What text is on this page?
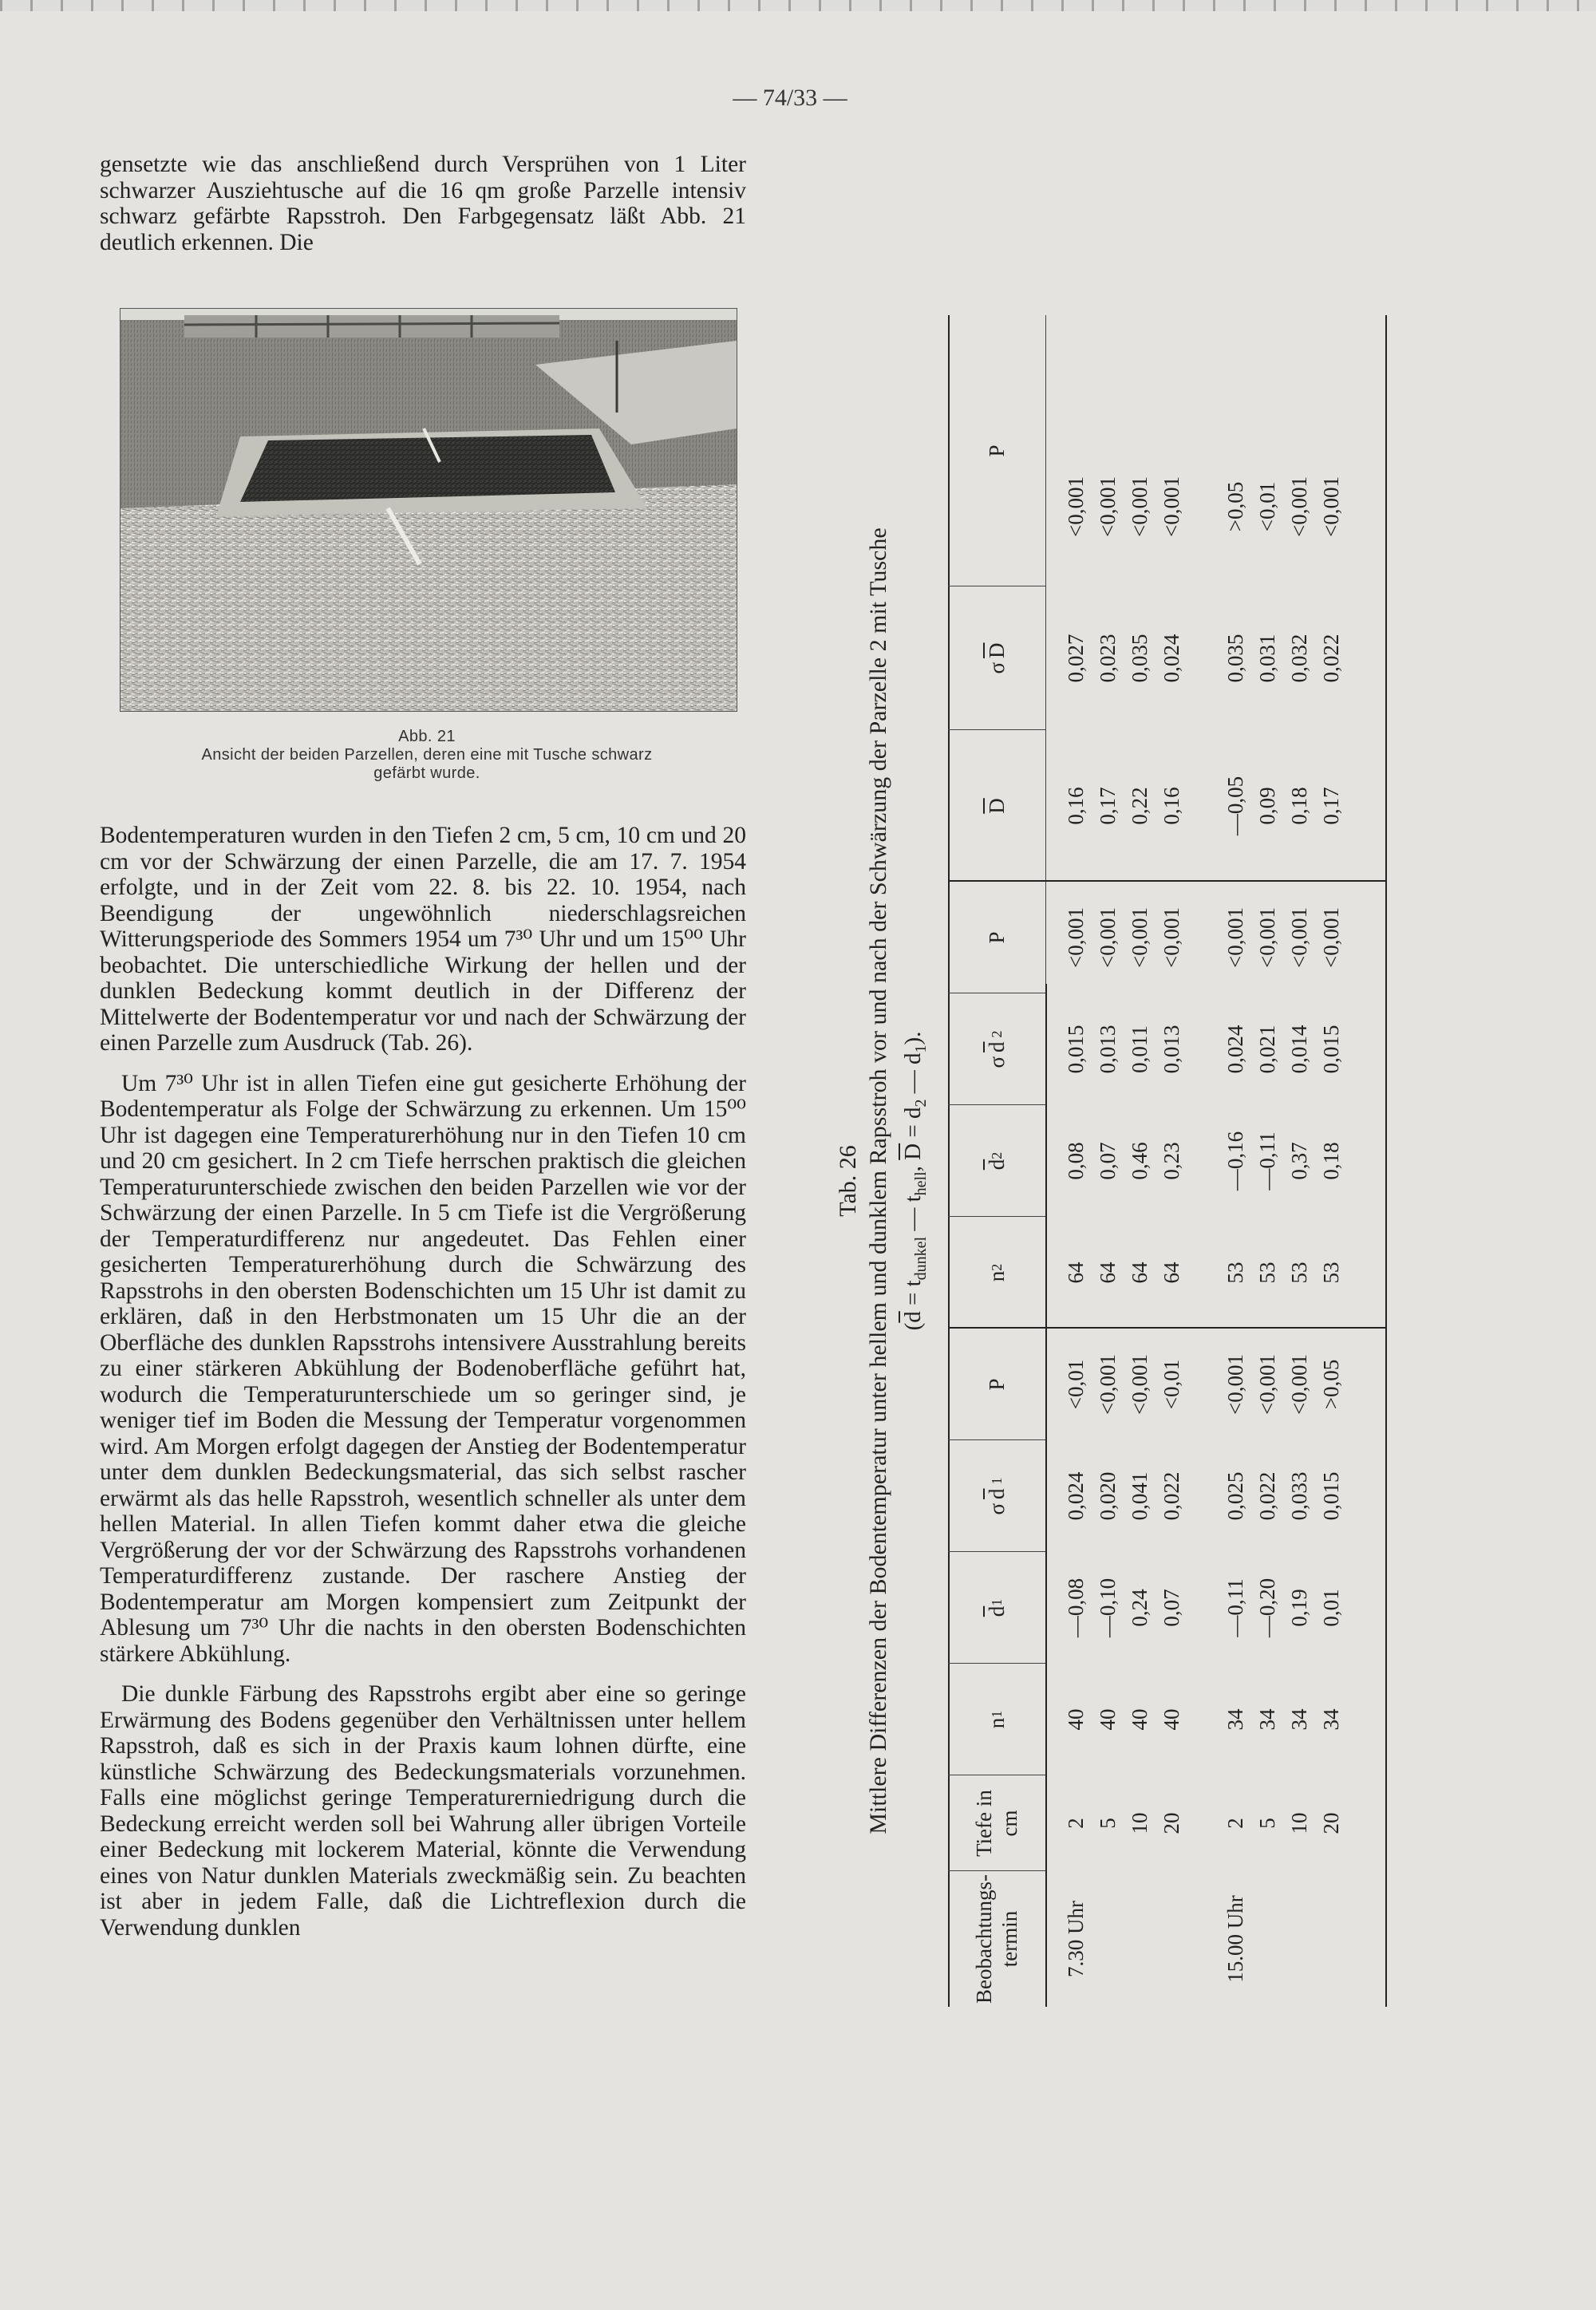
— 74/33 —

gensetzte wie das anschließend durch Versprühen von 1 Liter schwarzer Ausziehtusche auf die 16 qm große Parzelle intensiv schwarz gefärbte Rapsstroh. Den Farbgegensatz läßt Abb. 21 deutlich erkennen. Die

Abb. 21
Ansicht der beiden Parzellen, deren eine mit Tusche schwarz
gefärbt wurde.

Bodentemperaturen wurden in den Tiefen 2 cm, 5 cm, 10 cm und 20 cm vor der Schwärzung der einen Parzelle, die am 17. 7. 1954 erfolgte, und in der Zeit vom 22. 8. bis 22. 10. 1954, nach Beendigung der ungewöhnlich niederschlagsreichen Witterungsperiode des Sommers 1954 um 7³⁰ Uhr und um 15⁰⁰ Uhr beobachtet. Die unterschiedliche Wirkung der hellen und der dunklen Bedeckung kommt deutlich in der Differenz der Mittelwerte der Bodentemperatur vor und nach der Schwärzung der einen Parzelle zum Ausdruck (Tab. 26).

Um 7³⁰ Uhr ist in allen Tiefen eine gut gesicherte Erhöhung der Bodentemperatur als Folge der Schwärzung zu erkennen. Um 15⁰⁰ Uhr ist dagegen eine Temperaturerhöhung nur in den Tiefen 10 cm und 20 cm gesichert. In 2 cm Tiefe herrschen praktisch die gleichen Temperaturunterschiede zwischen den beiden Parzellen wie vor der Schwärzung der einen Parzelle. In 5 cm Tiefe ist die Vergrößerung der Temperaturdifferenz nur angedeutet. Das Fehlen einer gesicherten Temperaturerhöhung durch die Schwärzung des Rapsstrohs in den obersten Bodenschichten um 15 Uhr ist damit zu erklären, daß in den Herbstmonaten um 15 Uhr die an der Oberfläche des dunklen Rapsstrohs intensivere Ausstrahlung bereits zu einer stärkeren Abkühlung der Bodenoberfläche geführt hat, wodurch die Temperaturunterschiede um so geringer sind, je weniger tief im Boden die Messung der Temperatur vorgenommen wird. Am Morgen erfolgt dagegen der Anstieg der Bodentemperatur unter dem dunklen Bedeckungsmaterial, das sich selbst rascher erwärmt als das helle Rapsstroh, wesentlich schneller als unter dem hellen Material. In allen Tiefen kommt daher etwa die gleiche Vergrößerung der vor der Schwärzung des Rapsstrohs vorhandenen Temperaturdifferenz zustande. Der raschere Anstieg der Bodentemperatur am Morgen kompensiert zum Zeitpunkt der Ablesung um 7³⁰ Uhr die nachts in den obersten Bodenschichten stärkere Abkühlung.

Die dunkle Färbung des Rapsstrohs ergibt aber eine so geringe Erwärmung des Bodens gegenüber den Verhältnissen unter hellem Rapsstroh, daß es sich in der Praxis kaum lohnen dürfte, eine künstliche Schwärzung des Bedeckungsmaterials vorzunehmen. Falls eine möglichst geringe Temperaturerniedrigung durch die Bedeckung erreicht werden soll bei Wahrung aller übrigen Vorteile einer Bedeckung mit lockerem Material, könnte die Verwendung eines von Natur dunklen Materials zweckmäßig sein. Zu beachten ist aber in jedem Falle, daß die Lichtreflexion durch die Verwendung dunklen

Tab. 26 Mittlere Differenzen der Bodentemperatur unter hellem und dunklem Rapsstroh vor und nach der Schwärzung der Parzelle 2 mit Tusche ($\overline{d} = t_{dunkel}$ — $t_{hell}$, $\overline{D} = d_2$ — $d_1$).
Beobachtungs-termin
Tiefe in cm
n
1
$\overline{d}$
1
σ
$\overline{d}$
1
P
n
2
$\overline{d}$
2
σ
$\overline{d}$
2
P
$\overline{D}$
σ
$\overline{D}$
P
7.30 Uhr
2
40
—0,08
0,024
<0,01
64
0,08
0,015
<0,001
0,16
0,027
<0,001
5
40
—0,10
0,020
<0,001
64
0,07
0,013
<0,001
0,17
0,023
<0,001
10
40
0,24
0,041
<0,001
64
0,46
0,011
<0,001
0,22
0,035
<0,001
20
40
0,07
0,022
<0,01
64
0,23
0,013
<0,001
0,16
0,024
<0,001
15.00 Uhr
2
34
—0,11
0,025
<0,001
53
—0,16
0,024
<0,001
—0,05
0,035
>0,05
5
34
—0,20
0,022
<0,001
53
—0,11
0,021
<0,001
0,09
0,031
<0,01
10
34
0,19
0,033
<0,001
53
0,37
0,014
<0,001
0,18
0,032
<0,001
20
34
0,01
0,015
>0,05
53
0,18
0,015
<0,001
0,17
0,022
<0,001
